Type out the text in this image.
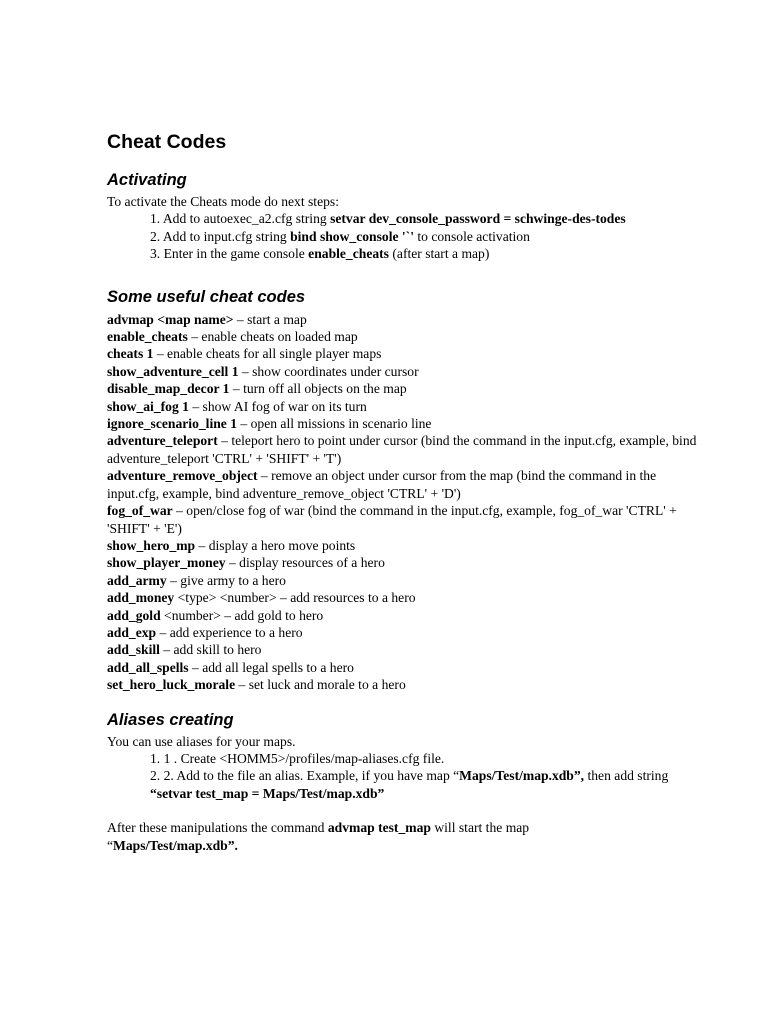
Cheat Codes
Activating

To activate the Cheats mode do next steps:

1. Add to autoexec_a2.cfg string setvar dev_console_password = schwinge-des-todes

2. Add to input.cfg string bind show_console '`' to console activation

3. Enter in the game console enable_cheats (after start a map)

Some useful cheat codes

advmap <map name> – start a map

enable_cheats – enable cheats on loaded map

cheats 1 – enable cheats for all single player maps

show_adventure_cell 1 – show coordinates under cursor

disable_map_decor 1 – turn off all objects on the map

show_ai_fog 1 – show AI fog of war on its turn

ignore_scenario_line 1 – open all missions in scenario line

adventure_teleport – teleport hero to point under cursor (bind the command in the input.cfg, example, bind adventure_teleport 'CTRL' + 'SHIFT' + 'T')

adventure_remove_object – remove an object under cursor from the map (bind the command in the input.cfg, example, bind adventure_remove_object 'CTRL' + 'D')

fog_of_war – open/close fog of war (bind the command in the input.cfg, example, fog_of_war 'CTRL' + 'SHIFT' + 'E')

show_hero_mp – display a hero move points

show_player_money – display resources of a hero

add_army – give army to a hero

add_money <type> <number> – add resources to a hero

add_gold <number> – add gold to hero

add_exp – add experience to a hero

add_skill – add skill to hero

add_all_spells – add all legal spells to a hero

set_hero_luck_morale – set luck and morale to a hero

Aliases creating

You can use aliases for your maps.

1. 1 . Create <HOMM5>/profiles/map-aliases.cfg file.

2. 2. Add to the file an alias. Example, if you have map “Maps/Test/map.xdb”, then add string “setvar test_map = Maps/Test/map.xdb”

After these manipulations the command advmap test_map will start the map
“Maps/Test/map.xdb”.
